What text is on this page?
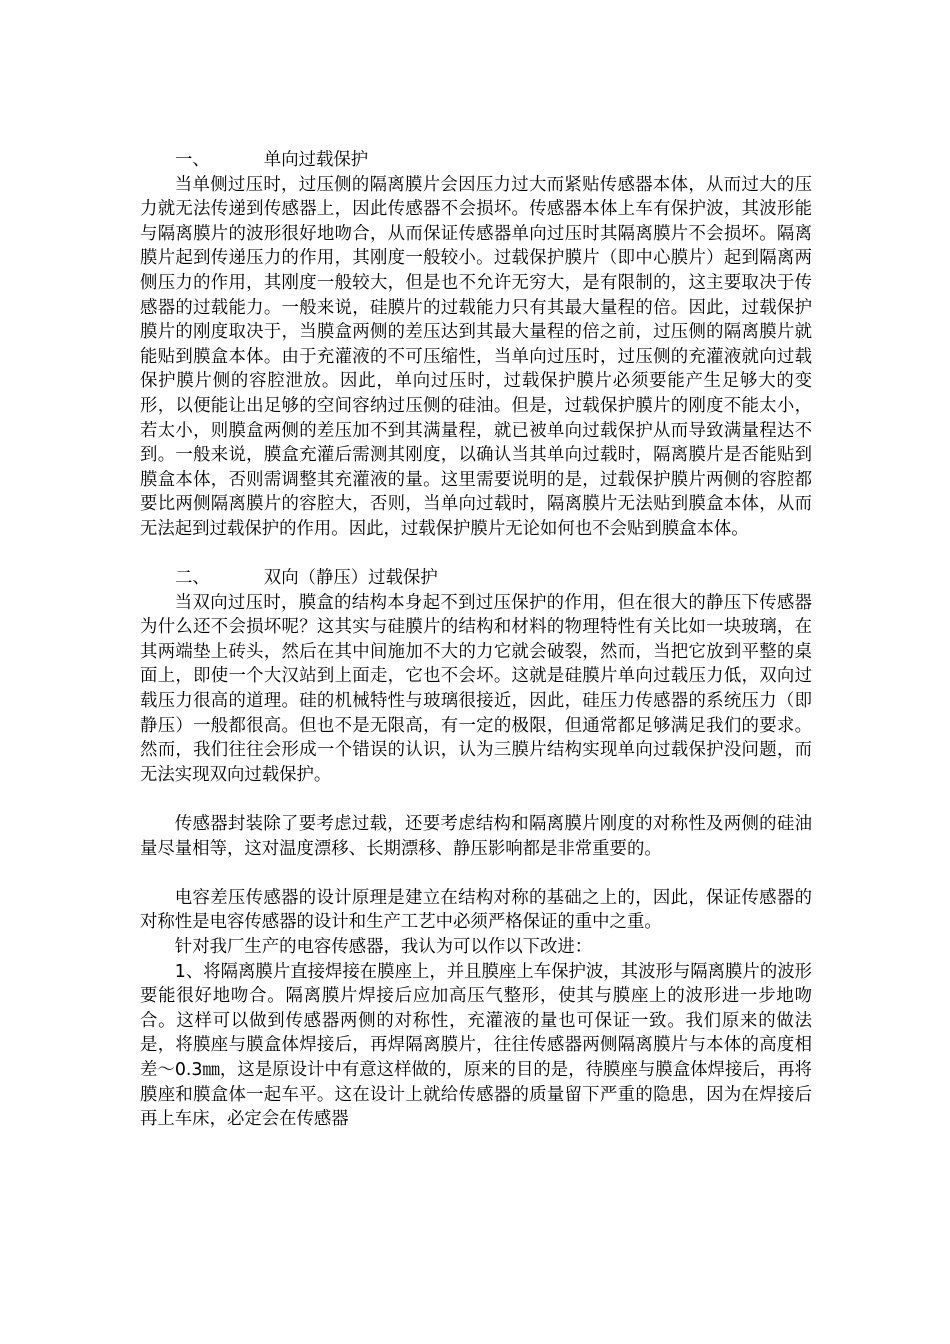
一、	单向过载保护

当单侧过压时，过压侧的隔离膜片会因压力过大而紧贴传感器本体，从而过大的压力就无法传递到传感器上，因此传感器不会损坏。传感器本体上车有保护波，其波形能与隔离膜片的波形很好地吻合，从而保证传感器单向过压时其隔离膜片不会损坏。隔离膜片起到传递压力的作用，其刚度一般较小。过载保护膜片（即中心膜片）起到隔离两侧压力的作用，其刚度一般较大，但是也不允许无穷大，是有限制的，这主要取决于传感器的过载能力。一般来说，硅膜片的过载能力只有其最大量程的倍。因此，过载保护膜片的刚度取决于，当膜盒两侧的差压达到其最大量程的倍之前，过压侧的隔离膜片就能贴到膜盒本体。由于充灌液的不可压缩性，当单向过压时，过压侧的充灌液就向过载保护膜片侧的容腔泄放。因此，单向过压时，过载保护膜片必须要能产生足够大的变形，以便能让出足够的空间容纳过压侧的硅油。但是，过载保护膜片的刚度不能太小，若太小，则膜盒两侧的差压加不到其满量程，就已被单向过载保护从而导致满量程达不到。一般来说，膜盒充灌后需测其刚度，以确认当其单向过载时，隔离膜片是否能贴到膜盒本体，否则需调整其充灌液的量。这里需要说明的是，过载保护膜片两侧的容腔都要比两侧隔离膜片的容腔大，否则，当单向过载时，隔离膜片无法贴到膜盒本体，从而无法起到过载保护的作用。因此，过载保护膜片无论如何也不会贴到膜盒本体。

二、	双向（静压）过载保护

当双向过压时，膜盒的结构本身起不到过压保护的作用，但在很大的静压下传感器为什么还不会损坏呢？这其实与硅膜片的结构和材料的物理特性有关比如一块玻璃，在其两端垫上砖头，然后在其中间施加不大的力它就会破裂，然而，当把它放到平整的桌面上，即使一个大汉站到上面走，它也不会坏。这就是硅膜片单向过载压力低，双向过载压力很高的道理。硅的机械特性与玻璃很接近，因此，硅压力传感器的系统压力（即静压）一般都很高。但也不是无限高，有一定的极限，但通常都足够满足我们的要求。然而，我们往往会形成一个错误的认识，认为三膜片结构实现单向过载保护没问题，而无法实现双向过载保护。

传感器封装除了要考虑过载，还要考虑结构和隔离膜片刚度的对称性及两侧的硅油量尽量相等，这对温度漂移、长期漂移、静压影响都是非常重要的。

电容差压传感器的设计原理是建立在结构对称的基础之上的，因此，保证传感器的对称性是电容传感器的设计和生产工艺中必须严格保证的重中之重。

针对我厂生产的电容传感器，我认为可以作以下改进：

1、将隔离膜片直接焊接在膜座上，并且膜座上车保护波，其波形与隔离膜片的波形要能很好地吻合。隔离膜片焊接后应加高压气整形，使其与膜座上的波形进一步地吻合。这样可以做到传感器两侧的对称性，充灌液的量也可保证一致。我们原来的做法是，将膜座与膜盒体焊接后，再焊隔离膜片，往往传感器两侧隔离膜片与本体的高度相差～0.3㎜，这是原设计中有意这样做的，原来的目的是，待膜座与膜盒体焊接后，再将膜座和膜盒体一起车平。这在设计上就给传感器的质量留下严重的隐患，因为在焊接后再上车床，必定会在传感器
